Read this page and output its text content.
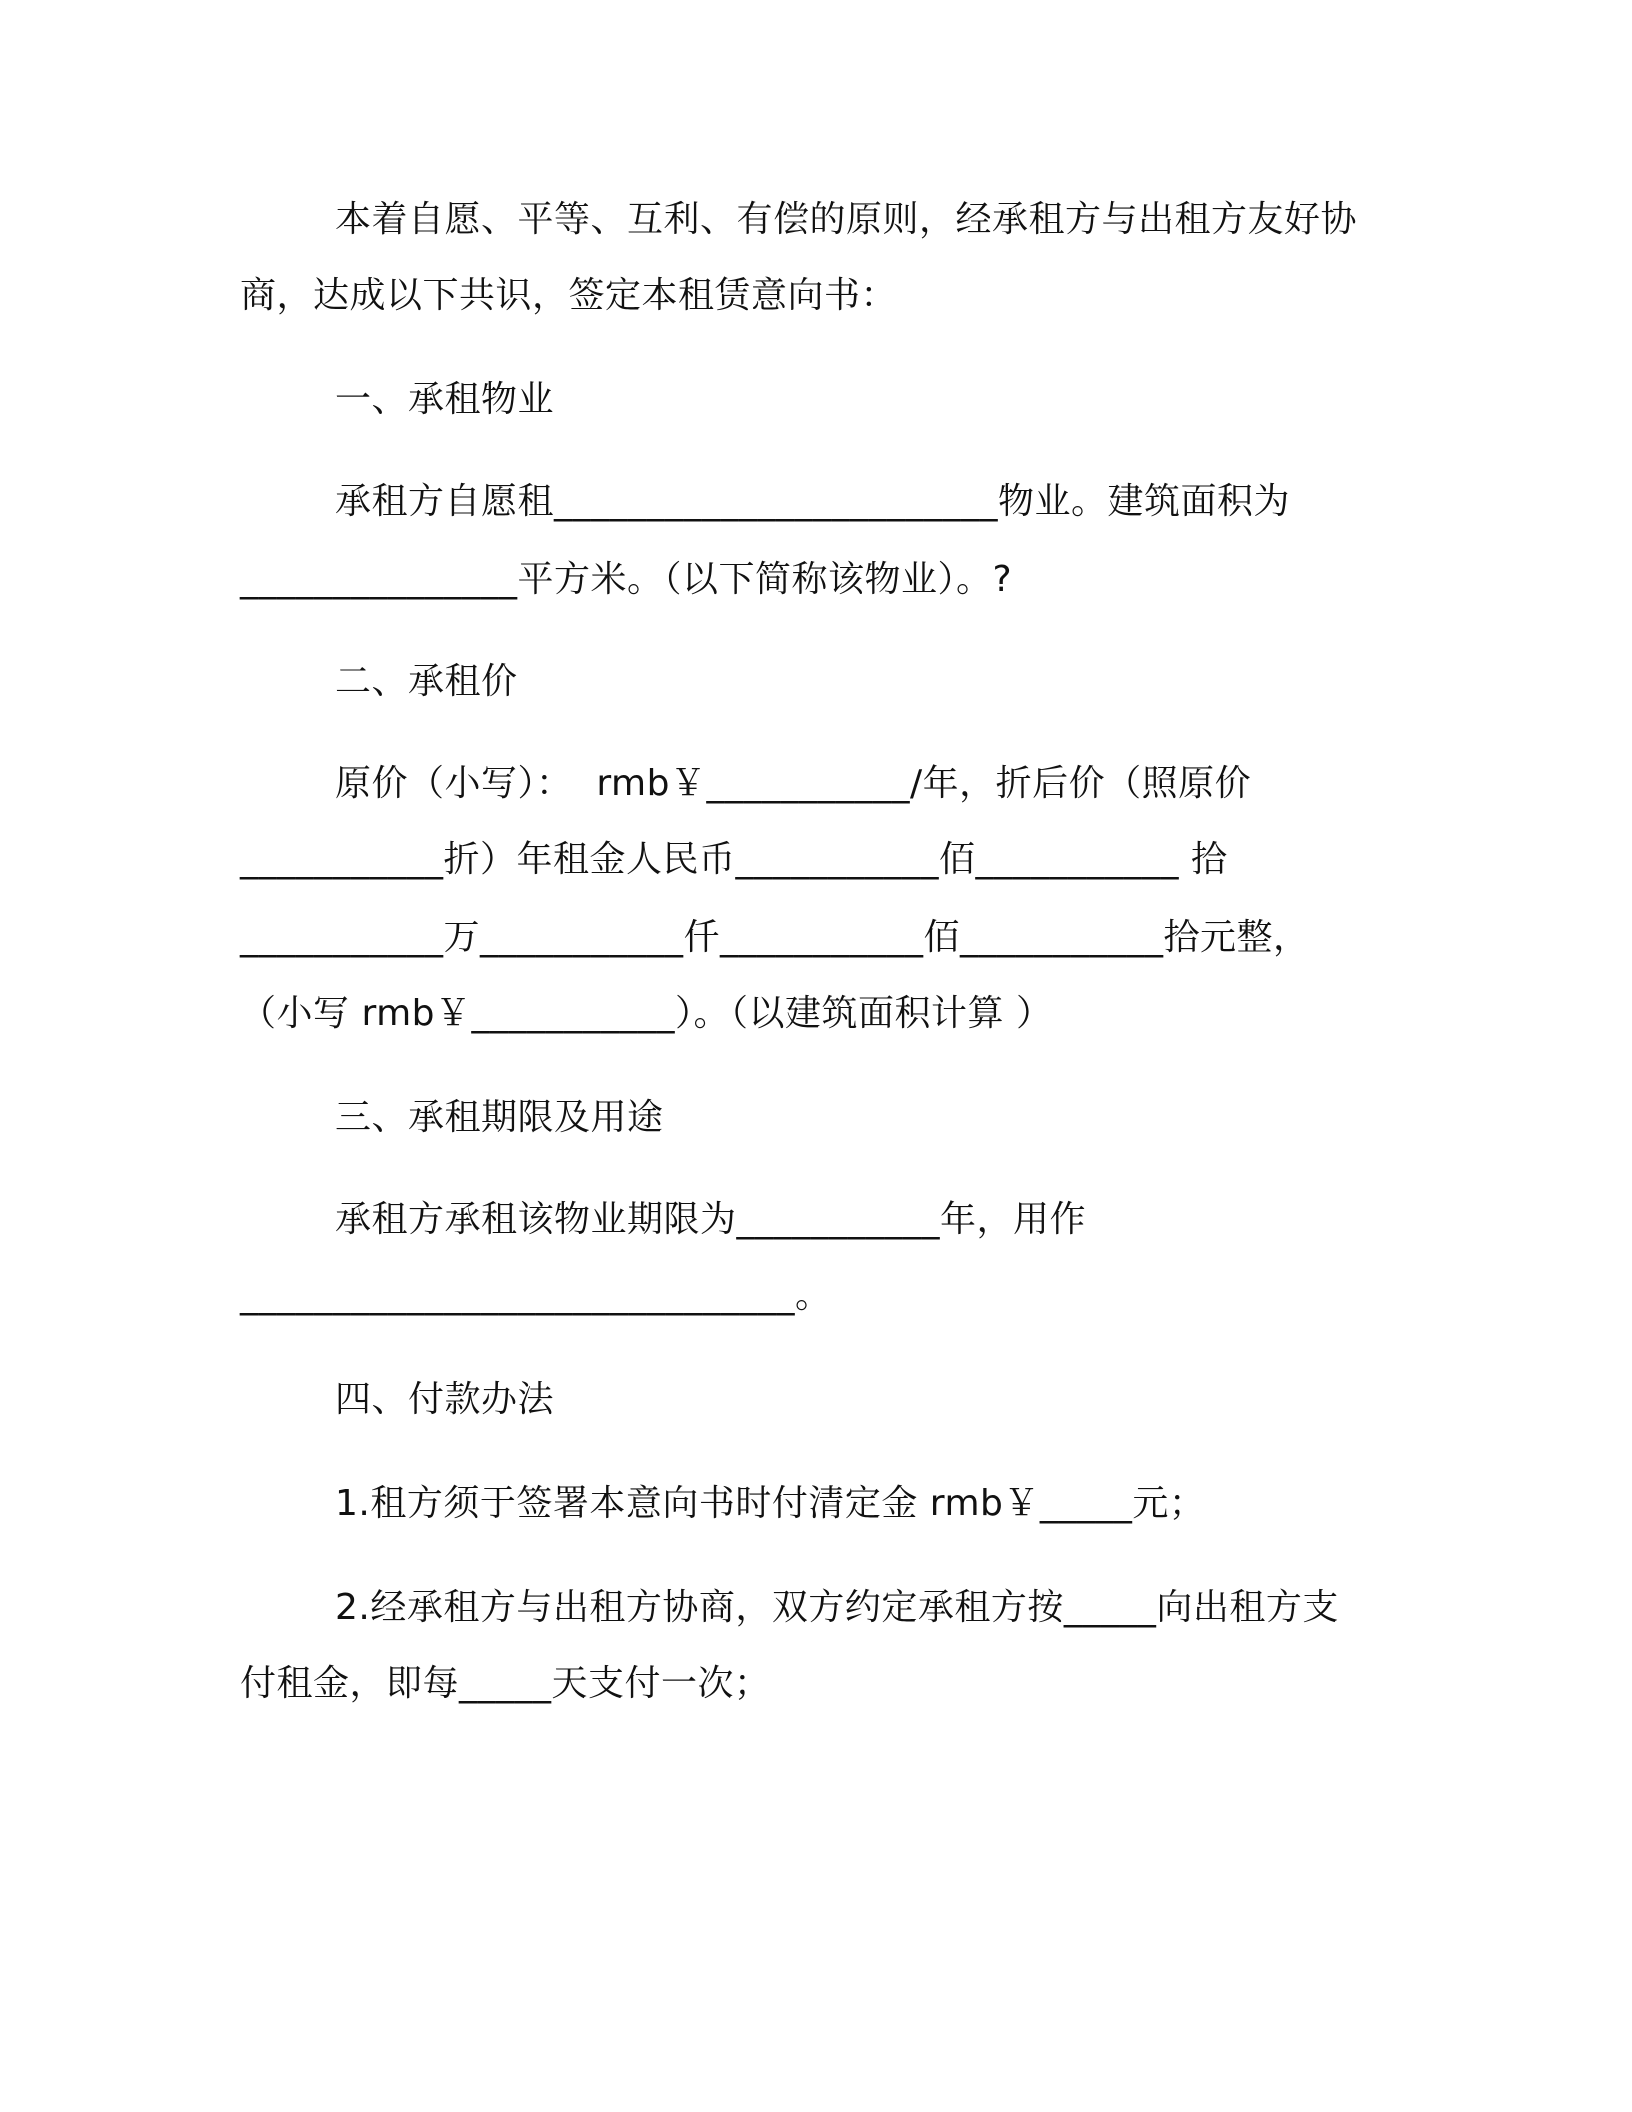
本着自愿、平等、互利、有偿的原则，经承租方与出租方友好协
商，达成以下共识，签定本租赁意向书：
一、承租物业
承租方自愿租________________________物业。建筑面积为
_______________平方米。（以下简称该物业）。?
二、承租价
原价（小写）：  rmb￥___________/年，折后价（照原价
___________折）年租金人民币___________佰___________ 拾
___________万___________仟___________佰___________拾元整，
（小写 rmb￥___________）。（以建筑面积计算 ）
三、承租期限及用途
承租方承租该物业期限为___________年，用作
______________________________。
四、付款办法
1.租方须于签署本意向书时付清定金 rmb￥_____元；
2.经承租方与出租方协商，双方约定承租方按_____向出租方支
付租金，即每_____天支付一次；
